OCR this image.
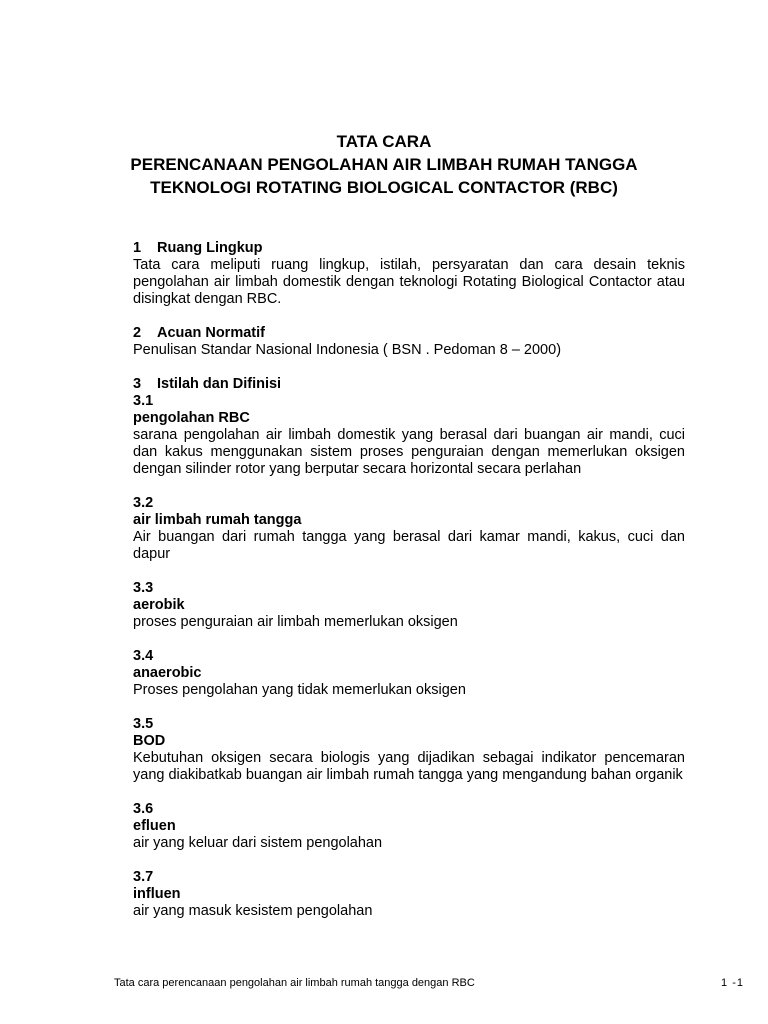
TATA CARA
PERENCANAAN PENGOLAHAN AIR LIMBAH RUMAH TANGGA
TEKNOLOGI ROTATING BIOLOGICAL CONTACTOR (RBC)
1 Ruang Lingkup
Tata cara meliputi ruang lingkup, istilah, persyaratan dan cara desain teknis pengolahan air limbah domestik dengan teknologi Rotating Biological Contactor atau disingkat dengan RBC.
2 Acuan Normatif
Penulisan Standar Nasional Indonesia ( BSN . Pedoman 8 – 2000)
3 Istilah dan Difinisi
3.1
pengolahan RBC
sarana pengolahan air limbah domestik yang berasal dari buangan air mandi, cuci dan kakus menggunakan sistem proses penguraian dengan memerlukan oksigen dengan silinder rotor yang berputar secara horizontal secara perlahan
3.2
air limbah rumah tangga
Air buangan dari rumah tangga yang berasal dari kamar mandi, kakus, cuci dan dapur
3.3
aerobik
proses penguraian air limbah memerlukan oksigen
3.4
anaerobic
Proses pengolahan yang tidak memerlukan oksigen
3.5
BOD
Kebutuhan oksigen secara biologis yang dijadikan sebagai indikator pencemaran yang diakibatkab buangan air limbah rumah tangga yang mengandung bahan organik
3.6
efluen
air yang keluar dari sistem pengolahan
3.7
influen
air yang masuk kesistem pengolahan
Tata cara perencanaan pengolahan air limbah rumah tangga dengan RBC	1 -1
